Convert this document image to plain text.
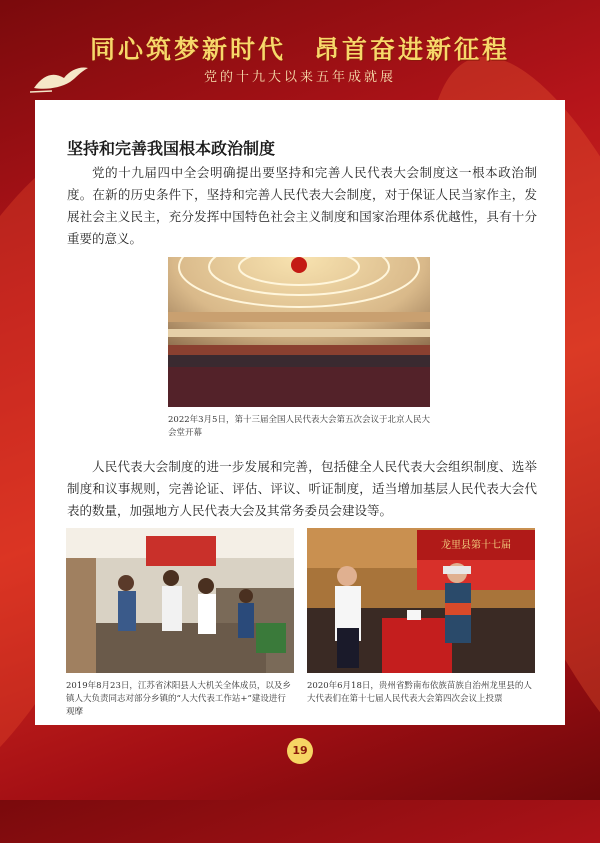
同心筑梦新时代　昂首奋进新征程
党的十九大以来五年成就展
坚持和完善我国根本政治制度

党的十九届四中全会明确提出要坚持和完善人民代表大会制度这一根本政治制度。在新的历史条件下，坚持和完善人民代表大会制度，对于保证人民当家作主，发展社会主义民主，充分发挥中国特色社会主义制度和国家治理体系优越性，具有十分重要的意义。

2022年3月5日，第十三届全国人民代表大会第五次会议于北京人民大会堂开幕

人民代表大会制度的进一步发展和完善，包括健全人民代表大会组织制度、选举制度和议事规则，完善论证、评估、评议、听证制度，适当增加基层人民代表大会代表的数量，加强地方人民代表大会及其常务委员会建设等。

2019年8月23日，江苏省沭阳县人大机关全体成员，以及乡镇人大负责同志对部分乡镇的“人大代表工作站+”建设进行观摩

龙里县第十七届

2020年6月18日，贵州省黔南布依族苗族自治州龙里县的人大代表们在第十七届人民代表大会第四次会议上投票

19
